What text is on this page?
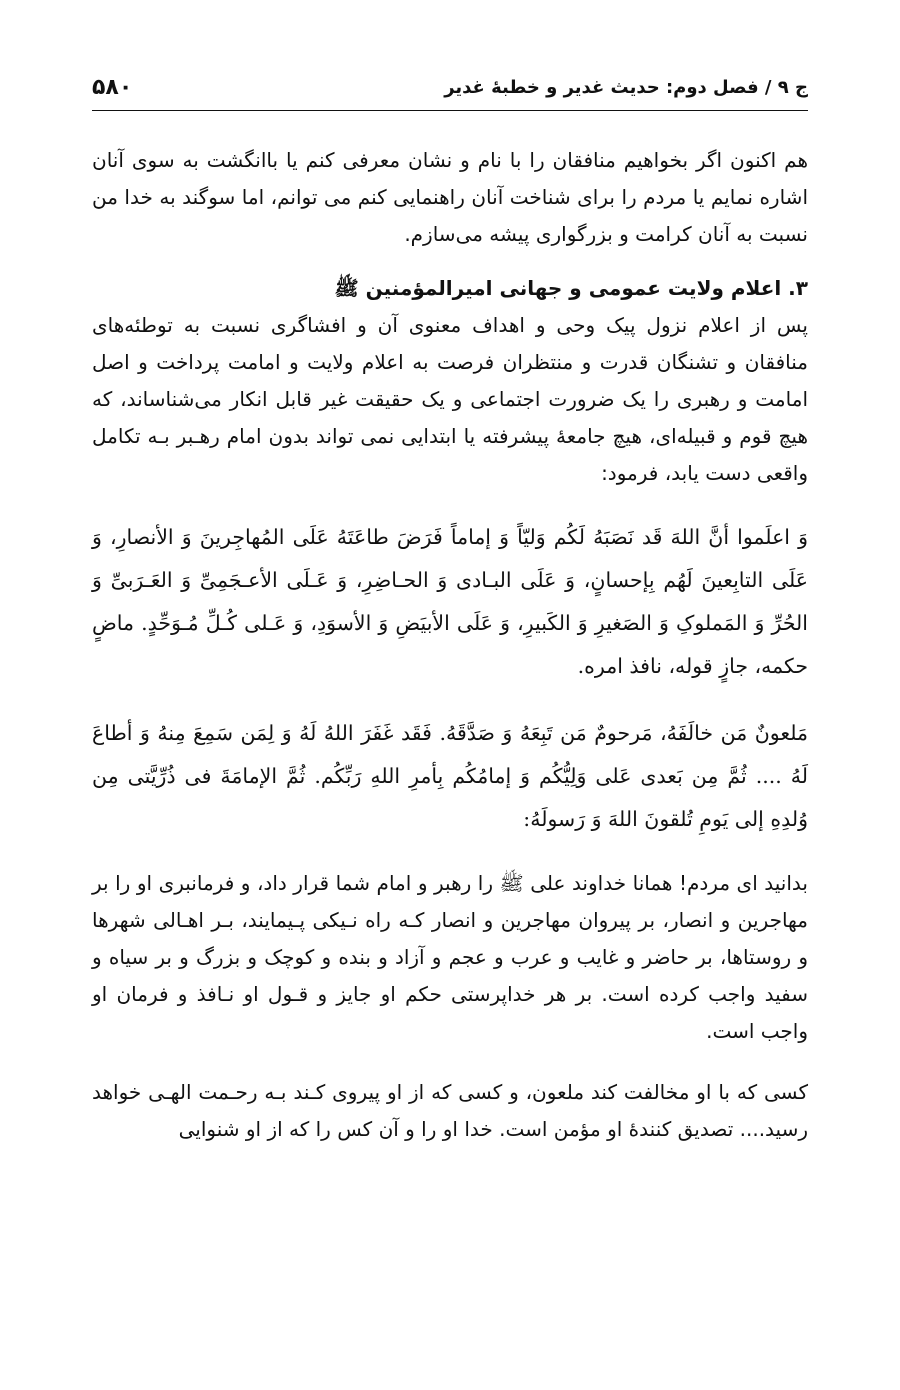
ج ۹ / فصل دوم: حدیث غدیر و خطبهٔ غدیر
۵۸۰

هم اکنون اگر بخواهیم منافقان را با نام و نشان معرفی کنم یا باانگشت به سوی آنان اشاره نمایم یا مردم را برای شناخت آنان راهنمایی کنم می توانم، اما سوگند به خدا من نسبت به آنان کرامت و بزرگواری پیشه می‌سازم.

۳. اعلام ولایت عمومی و جهانی امیرالمؤمنین ﷺ

پس از اعلام نزول پیک وحی و اهداف معنوی آن و افشاگری نسبت به توطئه‌های منافقان و تشنگان قدرت و منتظران فرصت به اعلام ولایت و امامت پرداخت و اصل امامت و رهبری را یک ضرورت اجتماعی و یک حقیقت غیر قابل انکار می‌شناساند، که هیچ قوم و قبیله‌ای، هیچ جامعهٔ پیشرفته یا ابتدایی نمی تواند بدون امام رهـبر بـه تکامل واقعی دست یابد، فرمود:

وَ اعلَموا أنَّ اللهَ قَد نَصَبَهُ لَکُم وَلیّاً وَ إماماً فَرَضَ طاعَتَهُ عَلَی المُهاجِرینَ وَ الأنصارِ، وَ عَلَی التابِعینَ لَهُم بِإحسانٍ، وَ عَلَی البـادی وَ الحـاضِرِ، وَ عَـلَی الأعـجَمِیِّ وَ العَـرَبیِّ وَ الحُرِّ وَ المَملوکِ وَ الصَغیرِ وَ الکَبیرِ، وَ عَلَی الأبیَضِ وَ الأسوَدِ، وَ عَـلی کُـلِّ مُـوَحِّدٍ. ماضٍ حکمه، جازٍ قوله، نافذ امره.

مَلعونٌ مَن خالَفَهُ، مَرحومٌ مَن تَبِعَهُ وَ صَدَّقَهُ. فَقَد غَفَرَ اللهُ لَهُ وَ لِمَن سَمِعَ مِنهُ وَ أطاعَ لَهُ .... ثُمَّ مِن بَعدی عَلی وَلِیُّکُم وَ إمامُکُم بِأمرِ اللهِ رَبِّکُم. ثُمَّ الإمامَةَ فی ذُرِّیَّتی مِن وُلدِهِ إلی یَومِ تُلقونَ اللهَ وَ رَسولَهُ:

بدانید ای مردم! همانا خداوند علی ﷺ را رهبر و امام شما قرار داد، و فرمانبری او را بر مهاجرین و انصار، بر پیروان مهاجرین و انصار کـه راه نـیکی پـیمایند، بـر اهـالی شهرها و روستاها، بر حاضر و غایب و عرب و عجم و آزاد و بنده و کوچک و بزرگ و بر سیاه و سفید واجب کرده است. بر هر خداپرستی حکم او جایز و قـول او نـافذ و فرمان او واجب است.

کسی که با او مخالفت کند ملعون، و کسی که از او پیروی کـند بـه رحـمت الهـی خواهد رسید.... تصدیق کنندهٔ او مؤمن است. خدا او را و آن کس را که از او شنوایی
